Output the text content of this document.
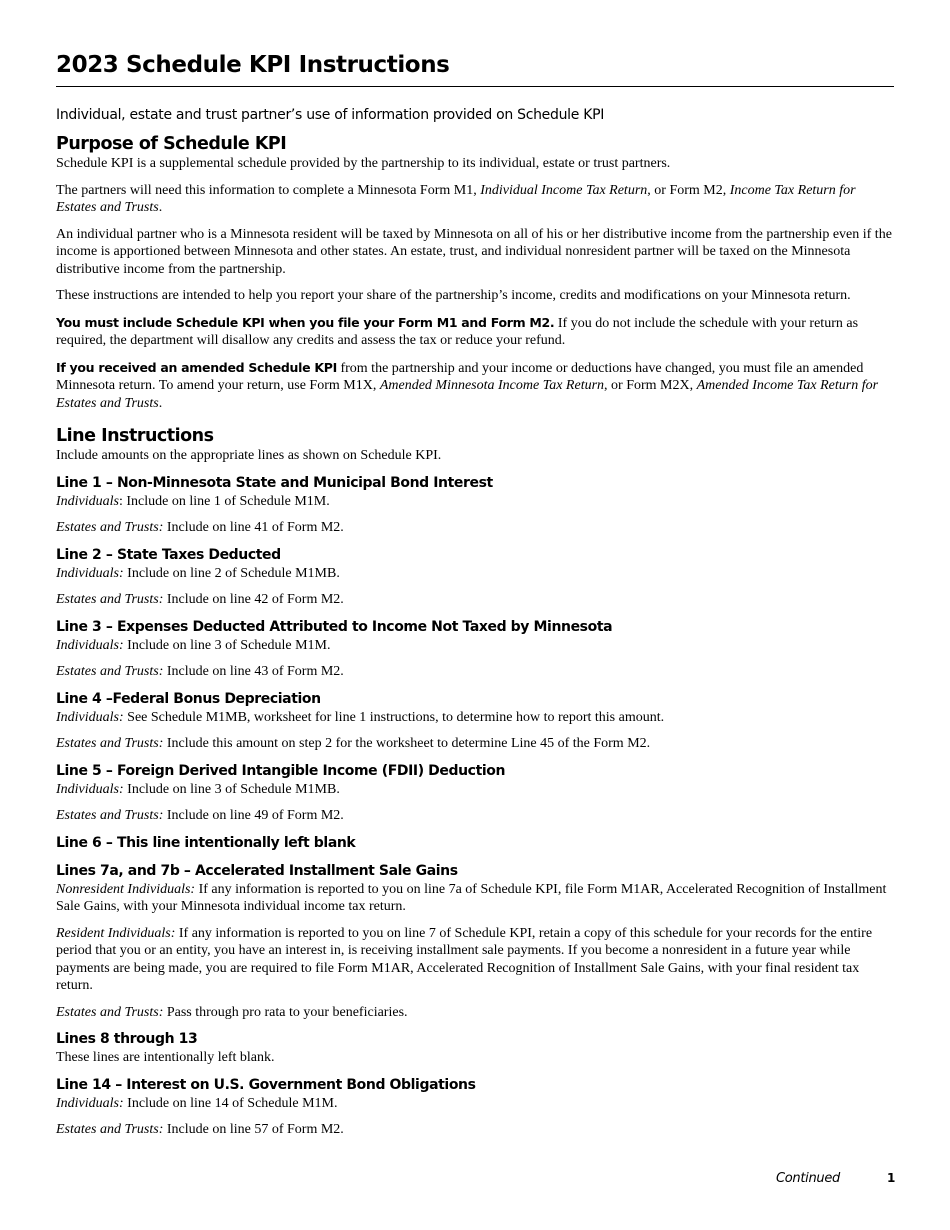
2023 Schedule KPI Instructions
Individual, estate and trust partner’s use of information provided on Schedule KPI
Purpose of Schedule KPI

Schedule KPI is a supplemental schedule provided by the partnership to its individual, estate or trust partners.

The partners will need this information to complete a Minnesota Form M1, Individual Income Tax Return, or Form M2, Income Tax Return for Estates and Trusts.

An individual partner who is a Minnesota resident will be taxed by Minnesota on all of his or her distributive income from the partnership even if the income is apportioned between Minnesota and other states. An estate, trust, and individual nonresident partner will be taxed on the Minnesota distributive income from the partnership.

These instructions are intended to help you report your share of the partnership’s income, credits and modifications on your Minnesota return.

You must include Schedule KPI when you file your Form M1 and Form M2. If you do not include the schedule with your return as required, the department will disallow any credits and assess the tax or reduce your refund.

If you received an amended Schedule KPI from the partnership and your income or deductions have changed, you must file an amended Minnesota return. To amend your return, use Form M1X, Amended Minnesota Income Tax Return, or Form M2X, Amended Income Tax Return for Estates and Trusts.

Line Instructions

Include amounts on the appropriate lines as shown on Schedule KPI.

Line 1 – Non-Minnesota State and Municipal Bond Interest

Individuals: Include on line 1 of Schedule M1M.

Estates and Trusts: Include on line 41 of Form M2.

Line 2 – State Taxes Deducted

Individuals: Include on line 2 of Schedule M1MB.

Estates and Trusts: Include on line 42 of Form M2.

Line 3 – Expenses Deducted Attributed to Income Not Taxed by Minnesota

Individuals: Include on line 3 of Schedule M1M.

Estates and Trusts: Include on line 43 of Form M2.

Line 4 –Federal Bonus Depreciation

Individuals: See Schedule M1MB, worksheet for line 1 instructions, to determine how to report this amount.

Estates and Trusts: Include this amount on step 2 for the worksheet to determine Line 45 of the Form M2.

Line 5 – Foreign Derived Intangible Income (FDII) Deduction

Individuals: Include on line 3 of Schedule M1MB.

Estates and Trusts: Include on line 49 of Form M2.

Line 6 – This line intentionally left blank
Lines 7a, and 7b – Accelerated Installment Sale Gains

Nonresident Individuals: If any information is reported to you on line 7a of Schedule KPI, file Form M1AR, Accelerated Recognition of Installment Sale Gains, with your Minnesota individual income tax return.

Resident Individuals: If any information is reported to you on line 7 of Schedule KPI, retain a copy of this schedule for your records for the entire period that you or an entity, you have an interest in, is receiving installment sale payments. If you become a nonresident in a future year while payments are being made, you are required to file Form M1AR, Accelerated Recognition of Installment Sale Gains, with your final resident tax return.

Estates and Trusts: Pass through pro rata to your beneficiaries.

Lines 8 through 13

These lines are intentionally left blank.

Line 14 – Interest on U.S. Government Bond Obligations

Individuals: Include on line 14 of Schedule M1M.

Estates and Trusts: Include on line 57 of Form M2.

Continued	1
